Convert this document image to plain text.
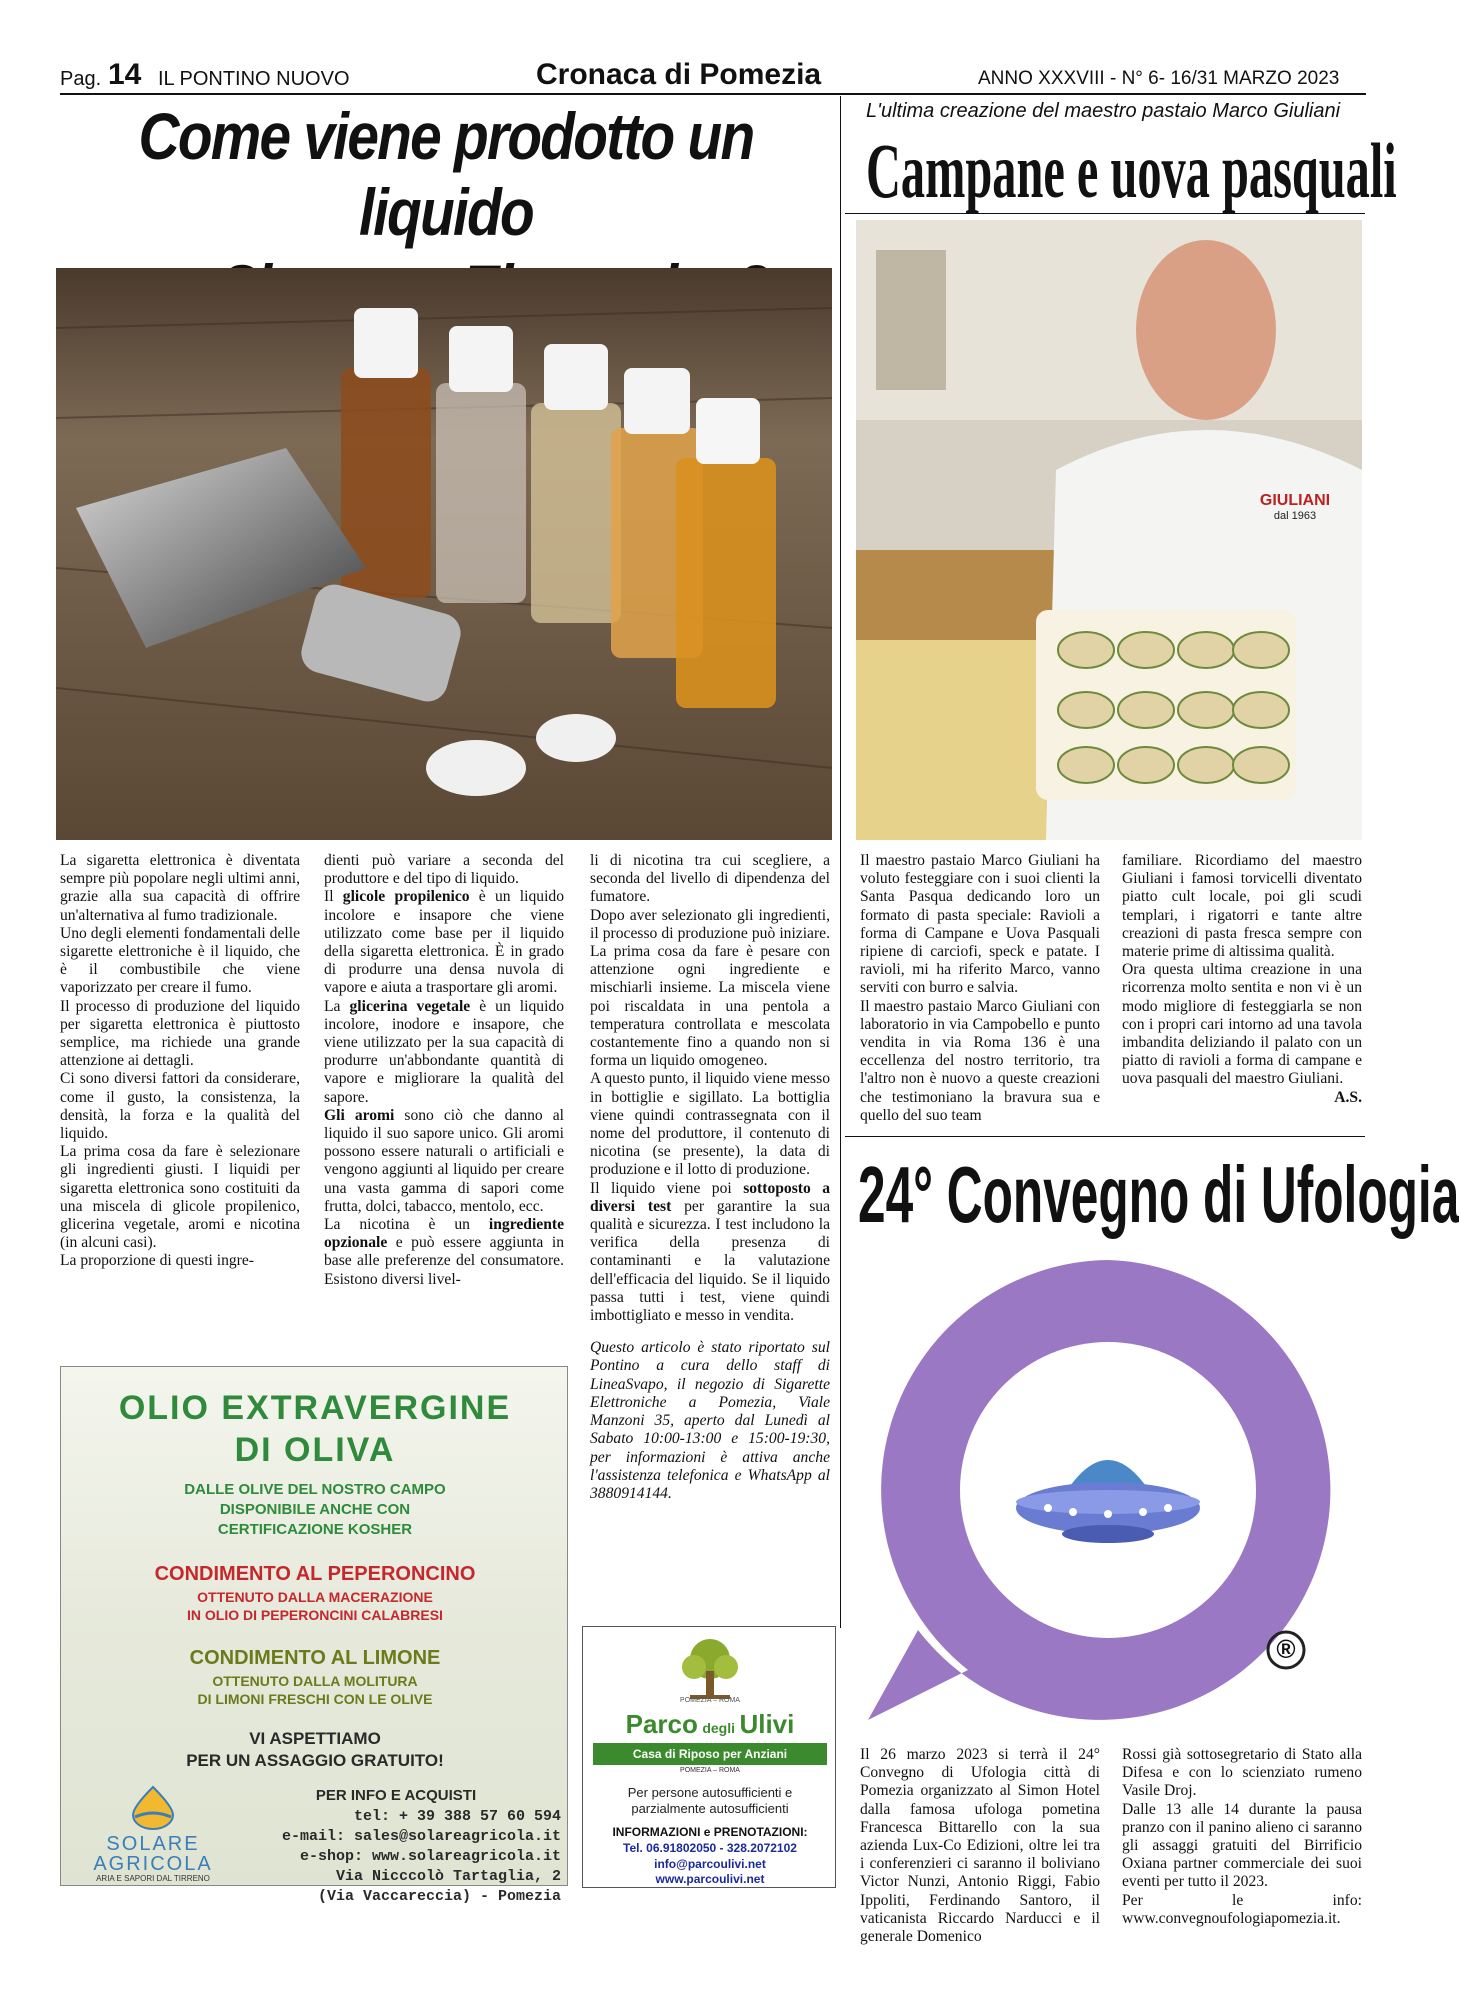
Pag. 14 IL PONTINO NUOVO	Cronaca di Pomezia	ANNO XXXVIII - N° 6- 16/31 MARZO 2023
Come viene prodotto un liquido

La sigaretta elettronica è diventata sempre più popolare negli ultimi anni, grazie alla sua capacità di offrire un'alternativa al fumo tradizionale.

Uno degli elementi fondamentali delle sigarette elettroniche è il liquido, che è il combustibile che viene vaporizzato per creare il fumo.

Il processo di produzione del liquido per sigaretta elettronica è piuttosto semplice, ma richiede una grande attenzione ai dettagli.

Ci sono diversi fattori da considerare, come il gusto, la consistenza, la densità, la forza e la qualità del liquido.

La prima cosa da fare è selezionare gli ingredienti giusti. I liquidi per sigaretta elettronica sono costituiti da una miscela di glicole propilenico, glicerina vegetale, aromi e nicotina (in alcuni casi).

La proporzione di questi ingre-

dienti può variare a seconda del produttore e del tipo di liquido.

Il glicole propilenico è un liquido incolore e insapore che viene utilizzato come base per il liquido della sigaretta elettronica. È in grado di produrre una densa nuvola di vapore e aiuta a trasportare gli aromi.

La glicerina vegetale è un liquido incolore, inodore e insapore, che viene utilizzato per la sua capacità di produrre un'abbondante quantità di vapore e migliorare la qualità del sapore.

Gli aromi sono ciò che danno al liquido il suo sapore unico. Gli aromi possono essere naturali o artificiali e vengono aggiunti al liquido per creare una vasta gamma di sapori come frutta, dolci, tabacco, mentolo, ecc.

La nicotina è un ingrediente opzionale e può essere aggiunta in base alle preferenze del consumatore. Esistono diversi livel-

li di nicotina tra cui scegliere, a seconda del livello di dipendenza del fumatore.

Dopo aver selezionato gli ingredienti, il processo di produzione può iniziare. La prima cosa da fare è pesare con attenzione ogni ingrediente e mischiarli insieme. La miscela viene poi riscaldata in una pentola a temperatura controllata e mescolata costantemente fino a quando non si forma un liquido omogeneo.

A questo punto, il liquido viene messo in bottiglie e sigillato. La bottiglia viene quindi contrassegnata con il nome del produttore, il contenuto di nicotina (se presente), la data di produzione e il lotto di produzione.

Il liquido viene poi sottoposto a diversi test per garantire la sua qualità e sicurezza. I test includono la verifica della presenza di contaminanti e la valutazione dell'efficacia del liquido. Se il liquido passa tutti i test, viene quindi imbottigliato e messo in vendita.

Questo articolo è stato riportato sul Pontino a cura dello staff di LineaSvapo, il negozio di Sigarette Elettroniche a Pomezia, Viale Manzoni 35, aperto dal Lunedì al Sabato 10:00-13:00 e 15:00-19:30, per informazioni è attiva anche l'assistenza telefonica e WhatsApp al 3880914144.

L'ultima creazione del maestro pastaio Marco Giuliani
Campane e uova pasquali
GIULIANI
dal 1963

Il maestro pastaio Marco Giuliani ha voluto festeggiare con i suoi clienti la Santa Pasqua dedicando loro un formato di pasta speciale: Ravioli a forma di Campane e Uova Pasquali ripiene di carciofi, speck e patate. I ravioli, mi ha riferito Marco, vanno serviti con burro e salvia.

Il maestro pastaio Marco Giuliani con laboratorio in via Campobello e punto vendita in via Roma 136 è una eccellenza del nostro territorio, tra l'altro non è nuovo a queste creazioni che testimoniano la bravura sua e quello del suo team

familiare. Ricordiamo del maestro Giuliani i famosi torvicelli diventato piatto cult locale, poi gli scudi templari, i rigatorri e tante altre creazioni di pasta fresca sempre con materie prime di altissima qualità.

Ora questa ultima creazione in una ricorrenza molto sentita e non vi è un modo migliore di festeggiarla se non con i propri cari intorno ad una tavola imbandita deliziando il palato con un piatto di ravioli a forma di campane e uova pasquali del maestro Giuliani.

A.S.

24° Convegno di Ufologia
®

Il 26 marzo 2023 si terrà il 24° Convegno di Ufologia città di Pomezia organizzato al Simon Hotel dalla famosa ufologa pometina Francesca Bittarello con la sua azienda Lux-Co Edizioni, oltre lei tra i conferenzieri ci saranno il boliviano Victor Nunzi, Antonio Riggi, Fabio Ippoliti, Ferdinando Santoro, il vaticanista Riccardo Narducci e il generale Domenico

Rossi già sottosegretario di Stato alla Difesa e con lo scienziato rumeno Vasile Droj.

Dalle 13 alle 14 durante la pausa pranzo con il panino alieno ci saranno gli assaggi gratuiti del Birrificio Oxiana partner commerciale dei suoi eventi per tutto il 2023.

Per le info: www.convegnoufologiapomezia.it.

OLIO EXTRAVERGINE
DI OLIVA
DALLE OLIVE DEL NOSTRO CAMPO
DISPONIBILE ANCHE CON
CERTIFICAZIONE KOSHER
CONDIMENTO AL PEPERONCINO
OTTENUTO DALLA MACERAZIONE
IN OLIO DI PEPERONCINI CALABRESI
CONDIMENTO AL LIMONE
OTTENUTO DALLA MOLITURA
DI LIMONI FRESCHI CON LE OLIVE
VI ASPETTIAMO
PER UN ASSAGGIO GRATUITO!
PER INFO E ACQUISTI
tel: + 39 388 57 60 594
e-mail: sales@solareagricola.it
e-shop: www.solareagricola.it
Via Nicccolò Tartaglia, 2
(Via Vaccareccia) - Pomezia
SOLARE
AGRICOLA
ARIA E SAPORI DAL TIRRENO
POMEZIA – ROMA
Parco degli Ulivi
Casa di Riposo per Anziani
POMEZIA – ROMA
Per persone autosufficienti e
parzialmente autosufficienti
INFORMAZIONI e PRENOTAZIONI:
Tel. 06.91802050 - 328.2072102
info@parcoulivi.net
www.parcoulivi.net
